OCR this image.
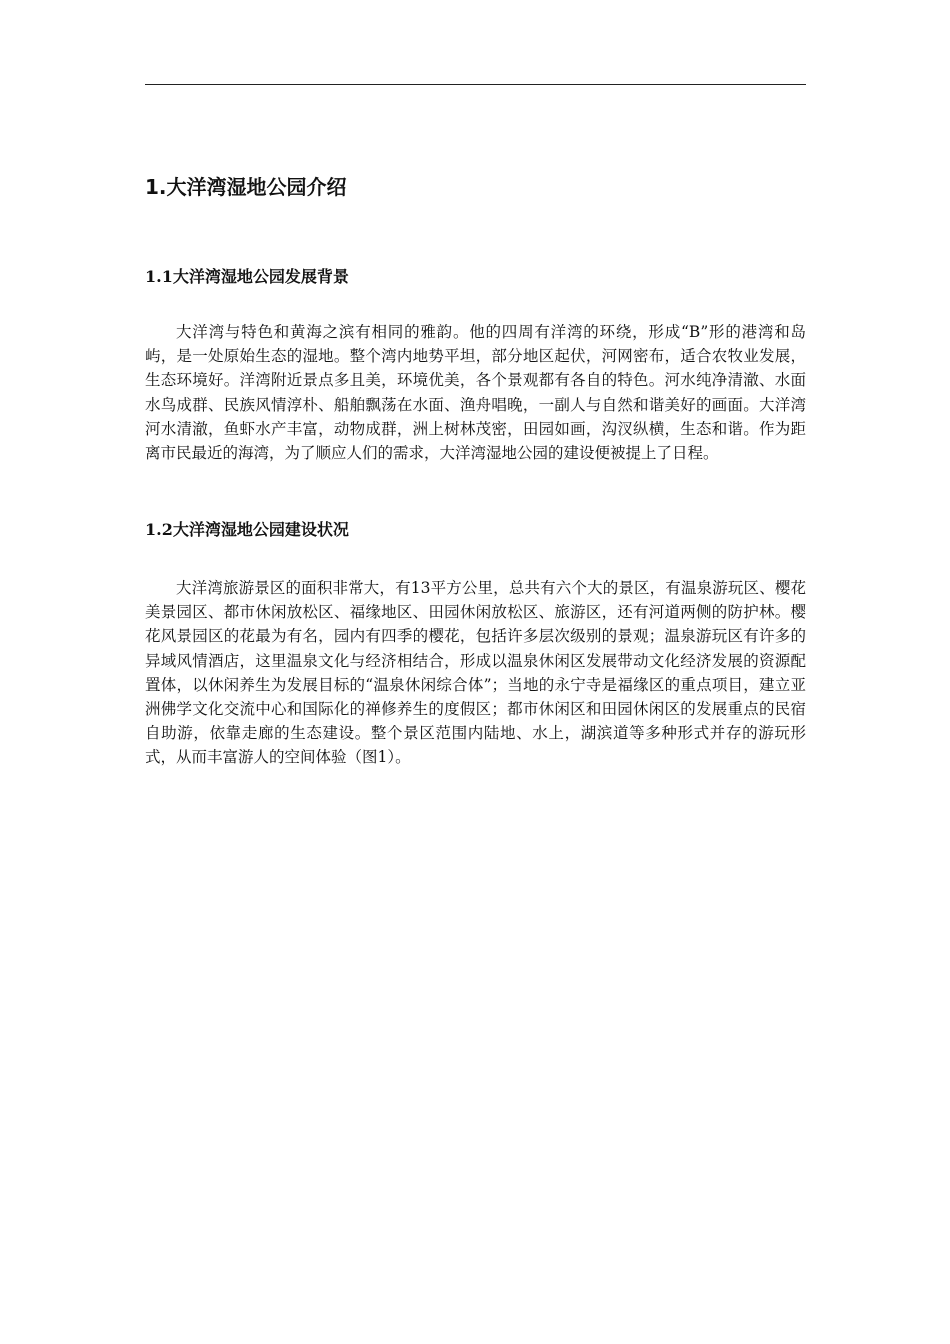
1.大洋湾湿地公园介绍
1.1大洋湾湿地公园发展背景

大洋湾与特色和黄海之滨有相同的雅韵。他的四周有洋湾的环绕，形成“B”形的港湾和岛屿，是一处原始生态的湿地。整个湾内地势平坦，部分地区起伏，河网密布，适合农牧业发展，生态环境好。洋湾附近景点多且美，环境优美，各个景观都有各自的特色。河水纯净清澈、水面水鸟成群、民族风情淳朴、船舶飘荡在水面、渔舟唱晚，一副人与自然和谐美好的画面。大洋湾河水清澈，鱼虾水产丰富，动物成群，洲上树林茂密，田园如画，沟汊纵横，生态和谐。作为距离市民最近的海湾，为了顺应人们的需求，大洋湾湿地公园的建设便被提上了日程。

1.2大洋湾湿地公园建设状况

大洋湾旅游景区的面积非常大，有13平方公里，总共有六个大的景区，有温泉游玩区、樱花美景园区、都市休闲放松区、福缘地区、田园休闲放松区、旅游区，还有河道两侧的防护林。樱花风景园区的花最为有名，园内有四季的樱花，包括许多层次级别的景观；温泉游玩区有许多的异域风情酒店，这里温泉文化与经济相结合，形成以温泉休闲区发展带动文化经济发展的资源配置体，以休闲养生为发展目标的“温泉休闲综合体”；当地的永宁寺是福缘区的重点项目，建立亚洲佛学文化交流中心和国际化的禅修养生的度假区；都市休闲区和田园休闲区的发展重点的民宿自助游，依靠走廊的生态建设。整个景区范围内陆地、水上，湖滨道等多种形式并存的游玩形式，从而丰富游人的空间体验（图1）。
